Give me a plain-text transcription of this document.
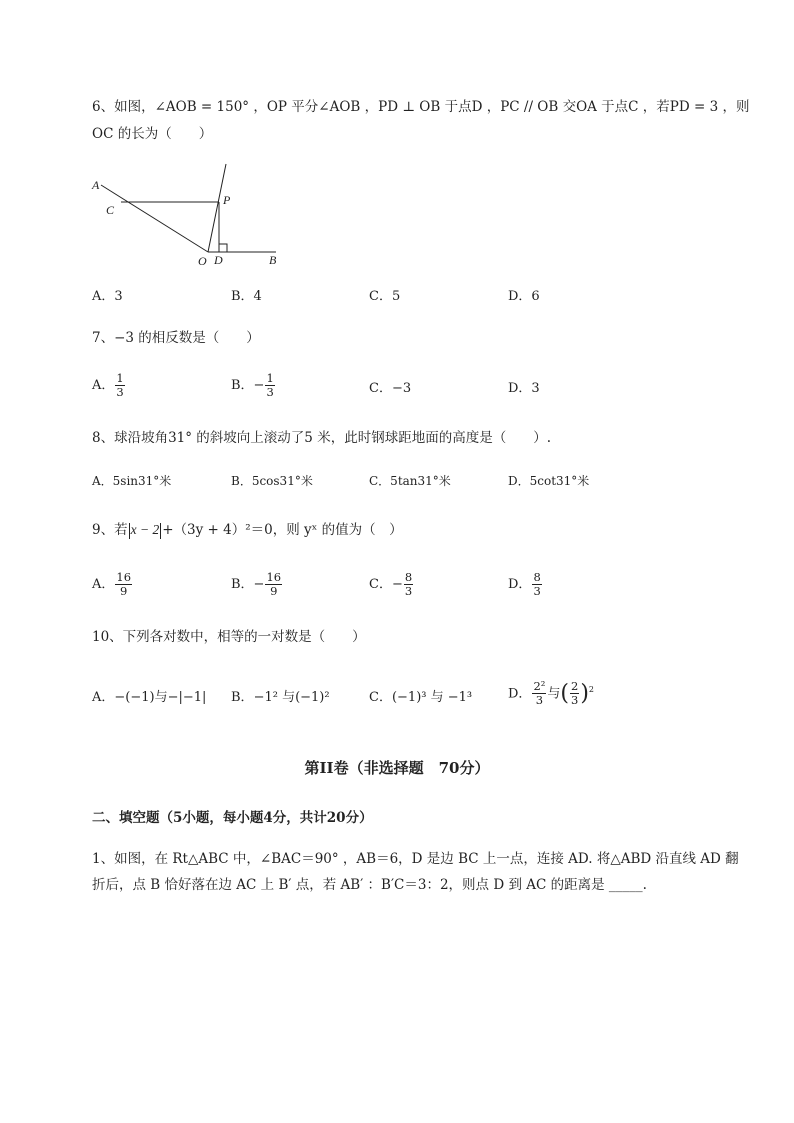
6、如图，∠AOB = 150° ，OP 平分∠AOB ，PD ⊥ OB 于点D ，PC // OB 交OA 于点C ，若PD = 3 ，则
OC 的长为（　　）
A
C
P
O D	B
A．3	B．4	C．5	D．6
7、−3 的相反数是（　　）
A． $\frac{1}{3}$	B．− $\frac{1}{3}$	C．−3	D．3
8、球沿坡角31° 的斜坡向上滚动了5 米，此时钢球距地面的高度是（　　）.
A．5sin31°米	B．5cos31°米	C．5tan31°米	D．5cot31°米
9、若 x − 2 +（3y + 4）²＝0，则 yˣ 的值为（　）
A． $\frac{16}{9}$	B．− $\frac{16}{9}$	C．− $\frac{8}{3}$	D． $\frac{8}{3}$
10、下列各对数中，相等的一对数是（　　）
A．−(−1)与−|−1| B．−1² 与(−1)²	C．(−1)³ 与 −1³	D． $\frac{\text{2²}}{3}$ 与( $\frac{2}{3} )^2$
第II卷（非选择题　70分）
二、填空题（5小题，每小题4分，共计20分）
1、如图，在 Rt△ABC 中，∠BAC＝90° ，AB＝6，D 是边 BC 上一点，连接 AD. 将△ABD 沿直线 AD 翻
折后，点 B 恰好落在边 AC 上 B′ 点，若 AB′ ：B′C＝3：2，则点 D 到 AC 的距离是 _____.
